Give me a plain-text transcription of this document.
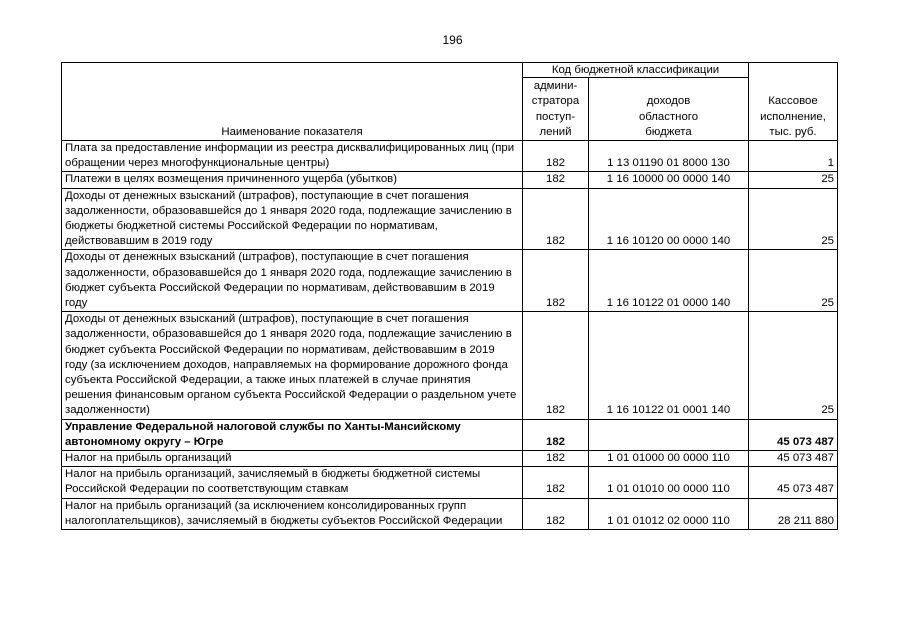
196
Наименование показателя	Код бюджетной классификации		Кассовое
исполнение,
тыс. руб.
	админи-
стратора
поступ-
лений	доходов
областного
бюджета	
Плата за предоставление информации из реестра дисквалифицированных лиц (при обращении через многофункциональные центры)	182	1 13 01190 01 8000 130	1
Платежи в целях возмещения причиненного ущерба (убытков)	182	1 16 10000 00 0000 140	25
Доходы от денежных взысканий (штрафов), поступающие в счет погашения задолженности, образовавшейся до 1 января 2020 года, подлежащие зачислению в бюджеты бюджетной системы Российской Федерации по нормативам, действовавшим в 2019 году	182	1 16 10120 00 0000 140	25
Доходы от денежных взысканий (штрафов), поступающие в счет погашения задолженности, образовавшейся до 1 января 2020 года, подлежащие зачислению в бюджет субъекта Российской Федерации по нормативам, действовавшим в 2019 году	182	1 16 10122 01 0000 140	25
Доходы от денежных взысканий (штрафов), поступающие в счет погашения задолженности, образовавшейся до 1 января 2020 года, подлежащие зачислению в бюджет субъекта Российской Федерации по нормативам, действовавшим в 2019 году (за исключением доходов, направляемых на формирование дорожного фонда субъекта Российской Федерации, а также иных платежей в случае принятия решения финансовым органом субъекта Российской Федерации о раздельном учете задолженности)	182	1 16 10122 01 0001 140	25
Управление Федеральной налоговой службы по Ханты-Мансийскому автономному округу – Югре	182		45 073 487
Налог на прибыль организаций	182	1 01 01000 00 0000 110	45 073 487
Налог на прибыль организаций, зачисляемый в бюджеты бюджетной системы Российской Федерации по соответствующим ставкам	182	1 01 01010 00 0000 110	45 073 487
Налог на прибыль организаций (за исключением консолидированных групп налогоплательщиков), зачисляемый в бюджеты субъектов Российской Федерации	182	1 01 01012 02 0000 110	28 211 880
